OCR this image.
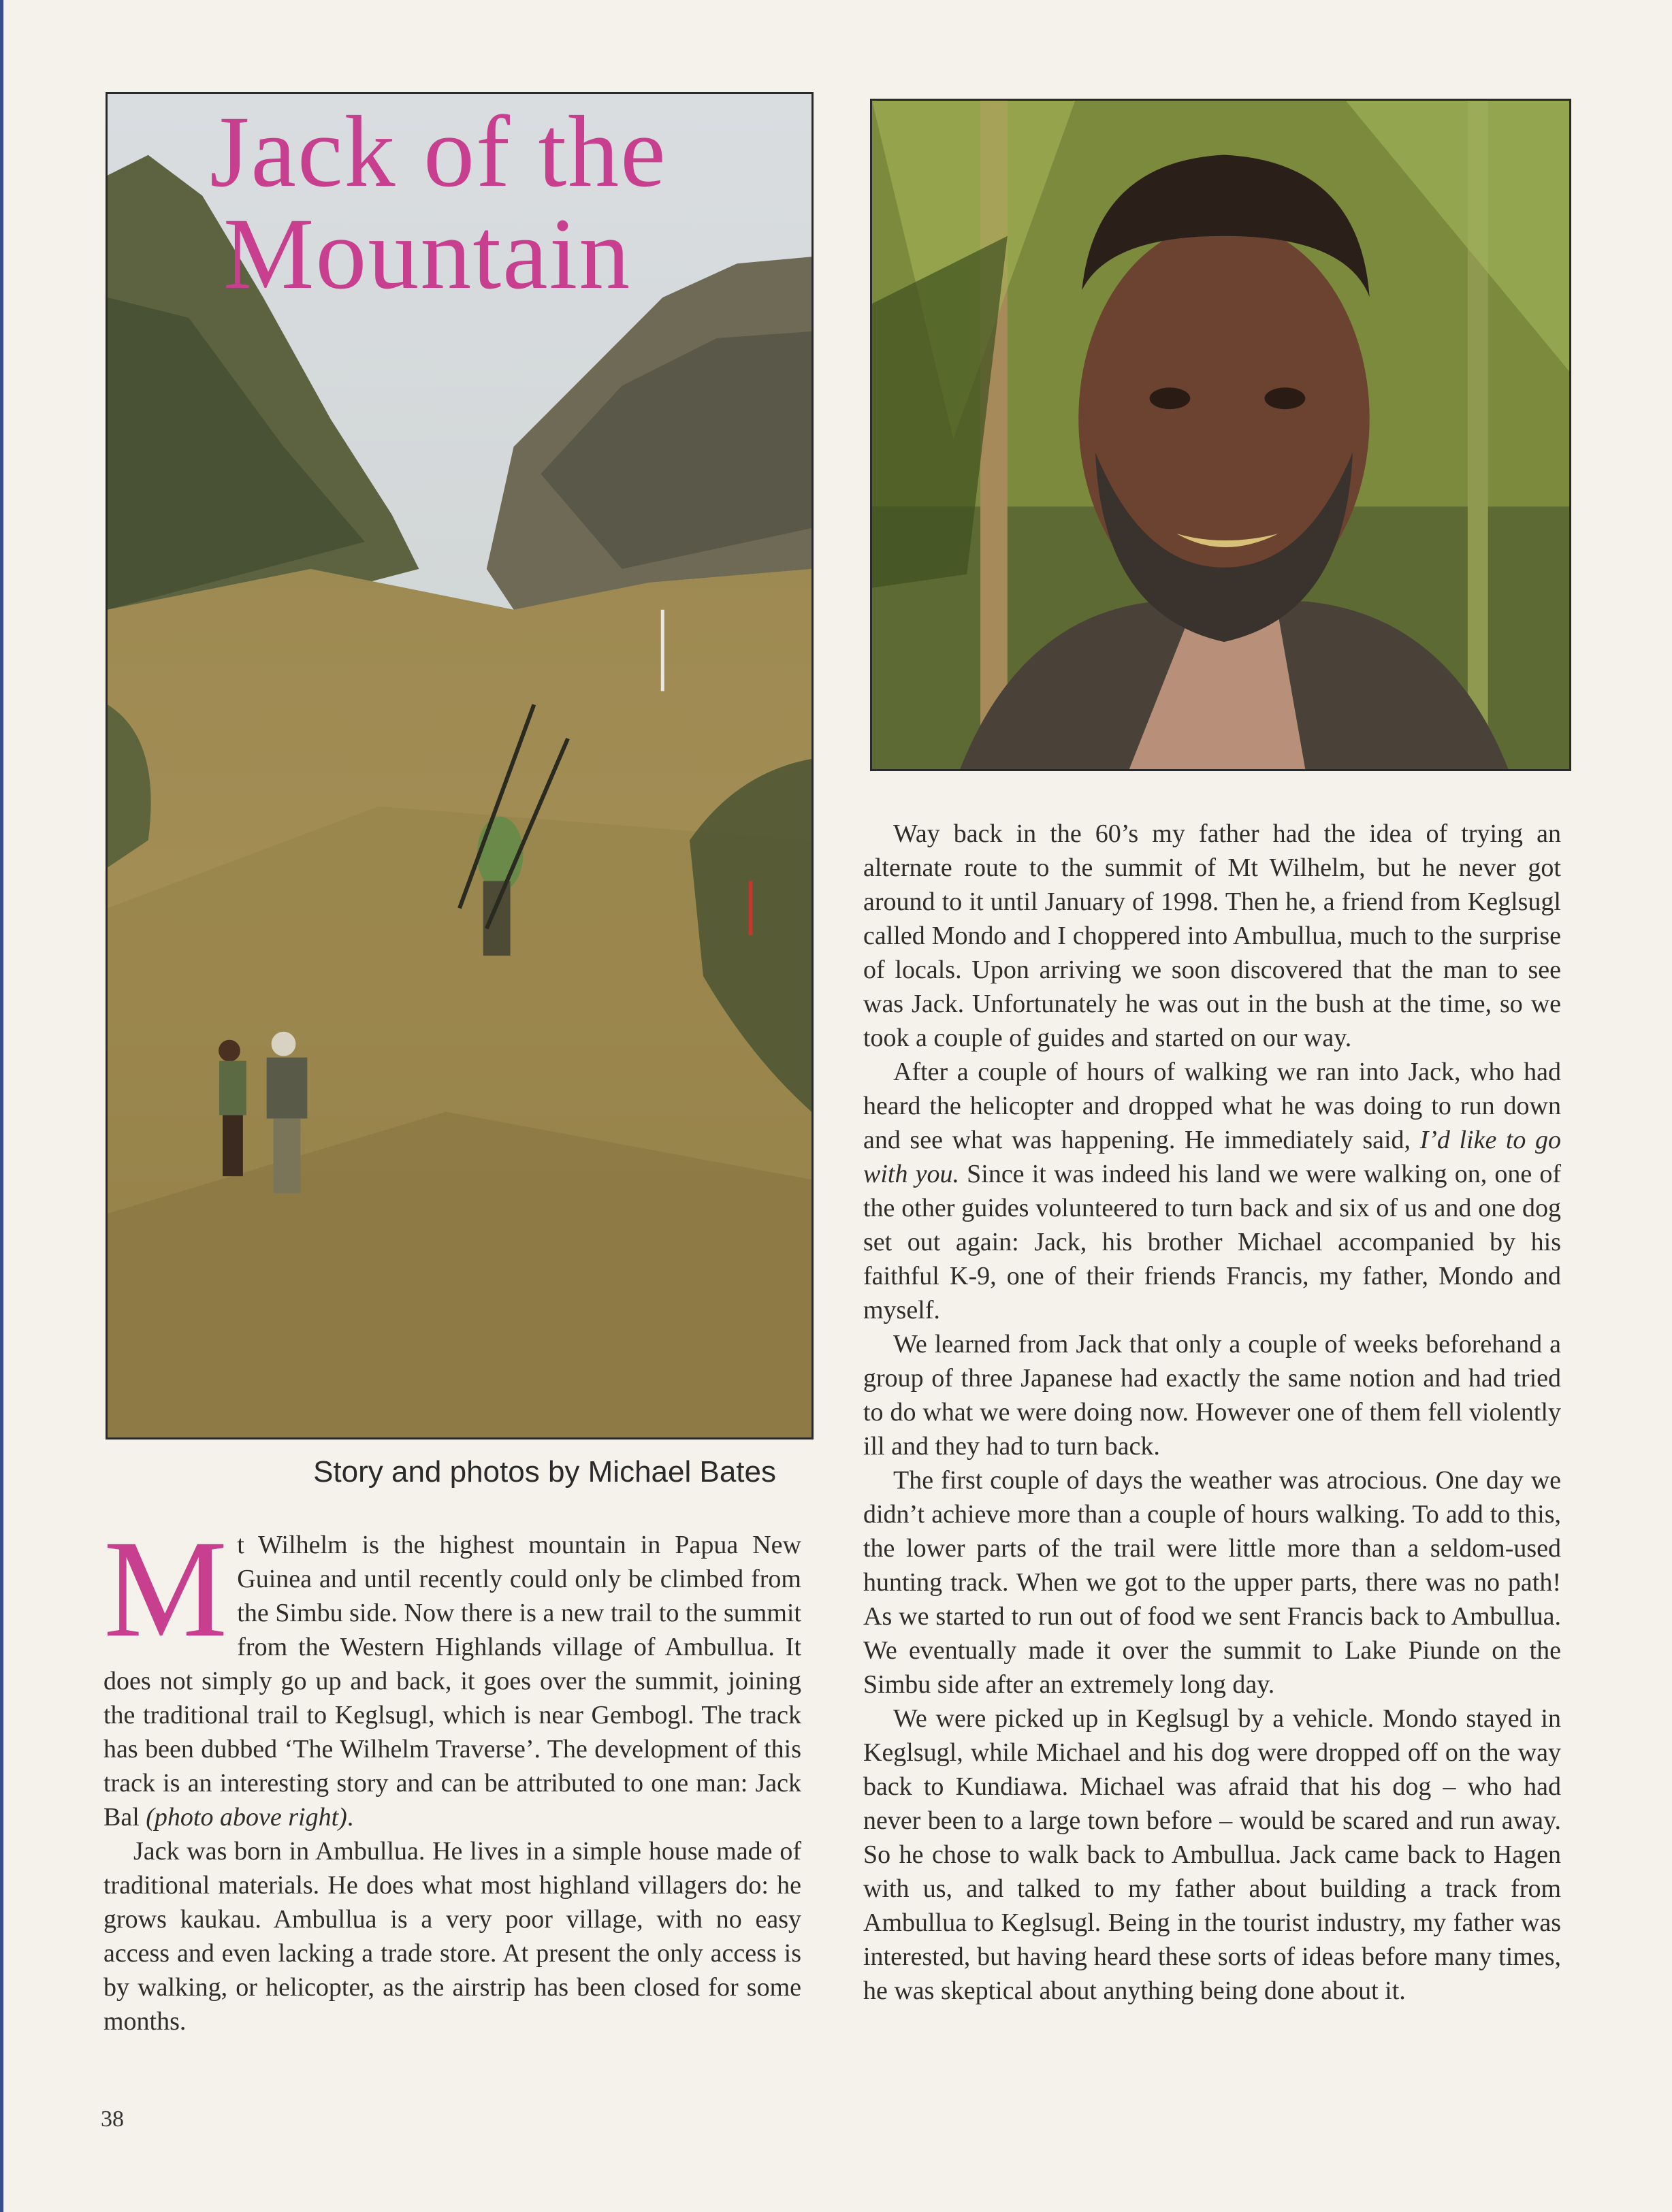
Jack of the
Mountain
Story and photos by Michael Bates

Mt Wilhelm is the highest mountain in Papua New Guinea and until recently could only be climbed from the Simbu side. Now there is a new trail to the summit from the Western Highlands village of Ambullua. It does not simply go up and back, it goes over the summit, joining the traditional trail to Keglsugl, which is near Gembogl. The track has been dubbed ‘The Wilhelm Traverse’. The development of this track is an interesting story and can be attributed to one man: Jack Bal (photo above right).

Jack was born in Ambullua. He lives in a simple house made of traditional materials. He does what most highland villagers do: he grows kaukau. Ambullua is a very poor village, with no easy access and even lacking a trade store. At present the only access is by walking, or helicopter, as the airstrip has been closed for some months.

Way back in the 60’s my father had the idea of trying an alternate route to the summit of Mt Wilhelm, but he never got around to it until January of 1998. Then he, a friend from Keglsugl called Mondo and I choppered into Ambullua, much to the surprise of locals. Upon arriving we soon discovered that the man to see was Jack. Unfortunately he was out in the bush at the time, so we took a couple of guides and started on our way.

After a couple of hours of walking we ran into Jack, who had heard the helicopter and dropped what he was doing to run down and see what was happening. He immediately said, I’d like to go with you. Since it was indeed his land we were walking on, one of the other guides volunteered to turn back and six of us and one dog set out again: Jack, his brother Michael accompanied by his faithful K-9, one of their friends Francis, my father, Mondo and myself.

We learned from Jack that only a couple of weeks beforehand a group of three Japanese had exactly the same notion and had tried to do what we were doing now. However one of them fell violently ill and they had to turn back.

The first couple of days the weather was atrocious. One day we didn’t achieve more than a couple of hours walking. To add to this, the lower parts of the trail were little more than a seldom-used hunting track. When we got to the upper parts, there was no path! As we started to run out of food we sent Francis back to Ambullua. We eventually made it over the summit to Lake Piunde on the Simbu side after an extremely long day.

We were picked up in Keglsugl by a vehicle. Mondo stayed in Keglsugl, while Michael and his dog were dropped off on the way back to Kundiawa. Michael was afraid that his dog – who had never been to a large town before – would be scared and run away. So he chose to walk back to Ambullua. Jack came back to Hagen with us, and talked to my father about building a track from Ambullua to Keglsugl. Being in the tourist industry, my father was interested, but having heard these sorts of ideas before many times, he was skeptical about anything being done about it.

38
